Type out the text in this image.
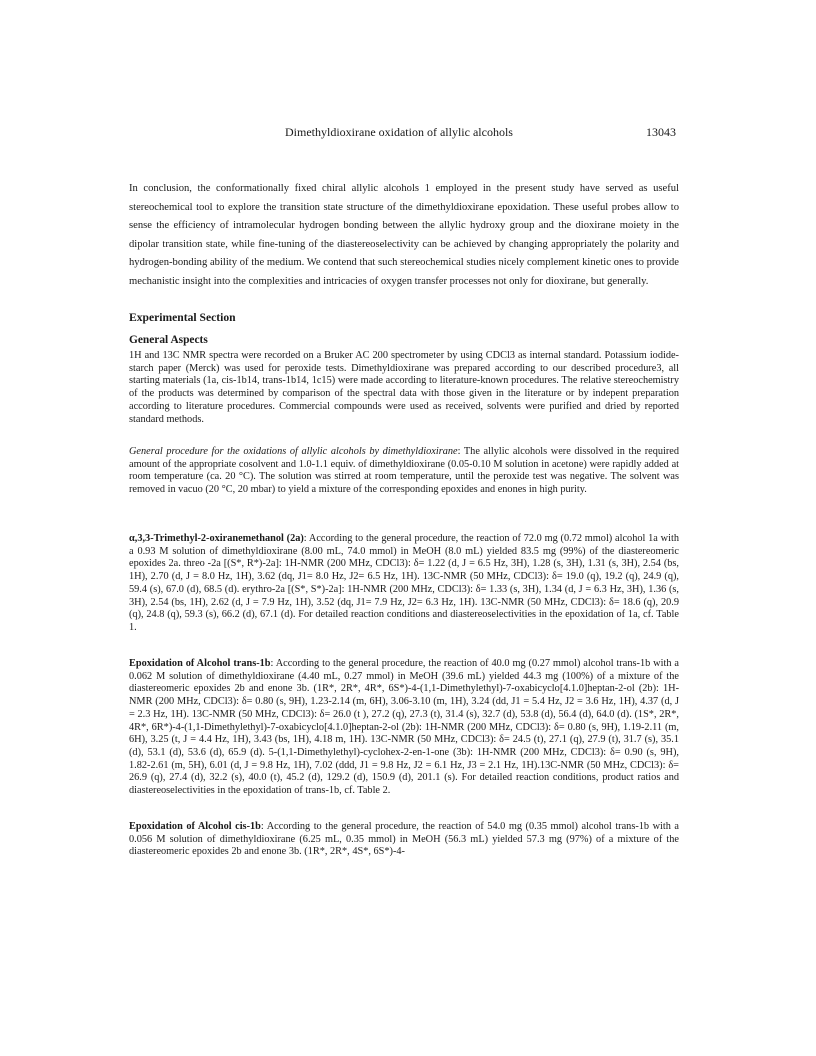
Dimethyldioxirane oxidation of allylic alcohols	13043
In conclusion, the conformationally fixed chiral allylic alcohols 1 employed in the present study have served as useful stereochemical tool to explore the transition state structure of the dimethyldioxirane epoxidation. These useful probes allow to sense the efficiency of intramolecular hydrogen bonding between the allylic hydroxy group and the dioxirane moiety in the dipolar transition state, while fine-tuning of the diastereoselectivity can be achieved by changing appropriately the polarity and hydrogen-bonding ability of the medium. We contend that such stereochemical studies nicely complement kinetic ones to provide mechanistic insight into the complexities and intricacies of oxygen transfer processes not only for dioxirane, but generally.
Experimental Section
General Aspects
1H and 13C NMR spectra were recorded on a Bruker AC 200 spectrometer by using CDCl3 as internal standard. Potassium iodide- starch paper (Merck) was used for peroxide tests. Dimethyldioxirane was prepared according to our described procedure3, all starting materials (1a, cis-1b14, trans-1b14, 1c15) were made according to literature-known procedures. The relative stereochemistry of the products was determined by comparison of the spectral data with those given in the literature or by indepent preparation according to literature procedures. Commercial compounds were used as received, solvents were purified and dried by reported standard methods.
General procedure for the oxidations of allylic alcohols by dimethyldioxirane: The allylic alcohols were dissolved in the required amount of the appropriate cosolvent and 1.0-1.1 equiv. of dimethyldioxirane (0.05-0.10 M solution in acetone) were rapidly added at room temperature (ca. 20 °C). The solution was stirred at room temperature, until the peroxide test was negative. The solvent was removed in vacuo (20 °C, 20 mbar) to yield a mixture of the corresponding epoxides and enones in high purity.
α,3,3-Trimethyl-2-oxiranemethanol (2a): According to the general procedure, the reaction of 72.0 mg (0.72 mmol) alcohol 1a with a 0.93 M solution of dimethyldioxirane (8.00 mL, 74.0 mmol) in MeOH (8.0 mL) yielded 83.5 mg (99%) of the diastereomeric epoxides 2a. threo -2a [(S*, R*)-2a]: 1H-NMR (200 MHz, CDCl3): δ= 1.22 (d, J = 6.5 Hz, 3H), 1.28 (s, 3H), 1.31 (s, 3H), 2.54 (bs, 1H), 2.70 (d, J = 8.0 Hz, 1H), 3.62 (dq, J1= 8.0 Hz, J2= 6.5 Hz, 1H). 13C-NMR (50 MHz, CDCl3): δ= 19.0 (q), 19.2 (q), 24.9 (q), 59.4 (s), 67.0 (d), 68.5 (d). erythro-2a [(S*, S*)-2a]: 1H-NMR (200 MHz, CDCl3): δ= 1.33 (s, 3H), 1.34 (d, J = 6.3 Hz, 3H), 1.36 (s, 3H), 2.54 (bs, 1H), 2.62 (d, J = 7.9 Hz, 1H), 3.52 (dq, J1= 7.9 Hz, J2= 6.3 Hz, 1H). 13C-NMR (50 MHz, CDCl3): δ= 18.6 (q), 20.9 (q), 24.8 (q), 59.3 (s), 66.2 (d), 67.1 (d). For detailed reaction conditions and diastereoselectivities in the epoxidation of 1a, cf. Table 1.
Epoxidation of Alcohol trans-1b: According to the general procedure, the reaction of 40.0 mg (0.27 mmol) alcohol trans-1b with a 0.062 M solution of dimethyldioxirane (4.40 mL, 0.27 mmol) in MeOH (39.6 mL) yielded 44.3 mg (100%) of a mixture of the diastereomeric epoxides 2b and enone 3b. (1R*, 2R*, 4R*, 6S*)-4-(1,1-Dimethylethyl)-7-oxabicyclo[4.1.0]heptan-2-ol (2b): 1H-NMR (200 MHz, CDCl3): δ= 0.80 (s, 9H), 1.23-2.14 (m, 6H), 3.06-3.10 (m, 1H), 3.24 (dd, J1 = 5.4 Hz, J2 = 3.6 Hz, 1H), 4.37 (d, J = 2.3 Hz, 1H). 13C-NMR (50 MHz, CDCl3): δ= 26.0 (t ), 27.2 (q), 27.3 (t), 31.4 (s), 32.7 (d), 53.8 (d), 56.4 (d), 64.0 (d). (1S*, 2R*, 4R*, 6R*)-4-(1,1-Dimethylethyl)-7-oxabicyclo[4.1.0]heptan-2-ol (2b): 1H-NMR (200 MHz, CDCl3): δ= 0.80 (s, 9H), 1.19-2.11 (m, 6H), 3.25 (t, J = 4.4 Hz, 1H), 3.43 (bs, 1H), 4.18 m, 1H). 13C-NMR (50 MHz, CDCl3): δ= 24.5 (t), 27.1 (q), 27.9 (t), 31.7 (s), 35.1 (d), 53.1 (d), 53.6 (d), 65.9 (d). 5-(1,1-Dimethylethyl)-cyclohex-2-en-1-one (3b): 1H-NMR (200 MHz, CDCl3): δ= 0.90 (s, 9H), 1.82-2.61 (m, 5H), 6.01 (d, J = 9.8 Hz, 1H), 7.02 (ddd, J1 = 9.8 Hz, J2 = 6.1 Hz, J3 = 2.1 Hz, 1H).13C-NMR (50 MHz, CDCl3): δ= 26.9 (q), 27.4 (d), 32.2 (s), 40.0 (t), 45.2 (d), 129.2 (d), 150.9 (d), 201.1 (s). For detailed reaction conditions, product ratios and diastereoselectivities in the epoxidation of trans-1b, cf. Table 2.
Epoxidation of Alcohol cis-1b: According to the general procedure, the reaction of 54.0 mg (0.35 mmol) alcohol trans-1b with a 0.056 M solution of dimethyldioxirane (6.25 mL, 0.35 mmol) in MeOH (56.3 mL) yielded 57.3 mg (97%) of a mixture of the diastereomeric epoxides 2b and enone 3b. (1R*, 2R*, 4S*, 6S*)-4-
